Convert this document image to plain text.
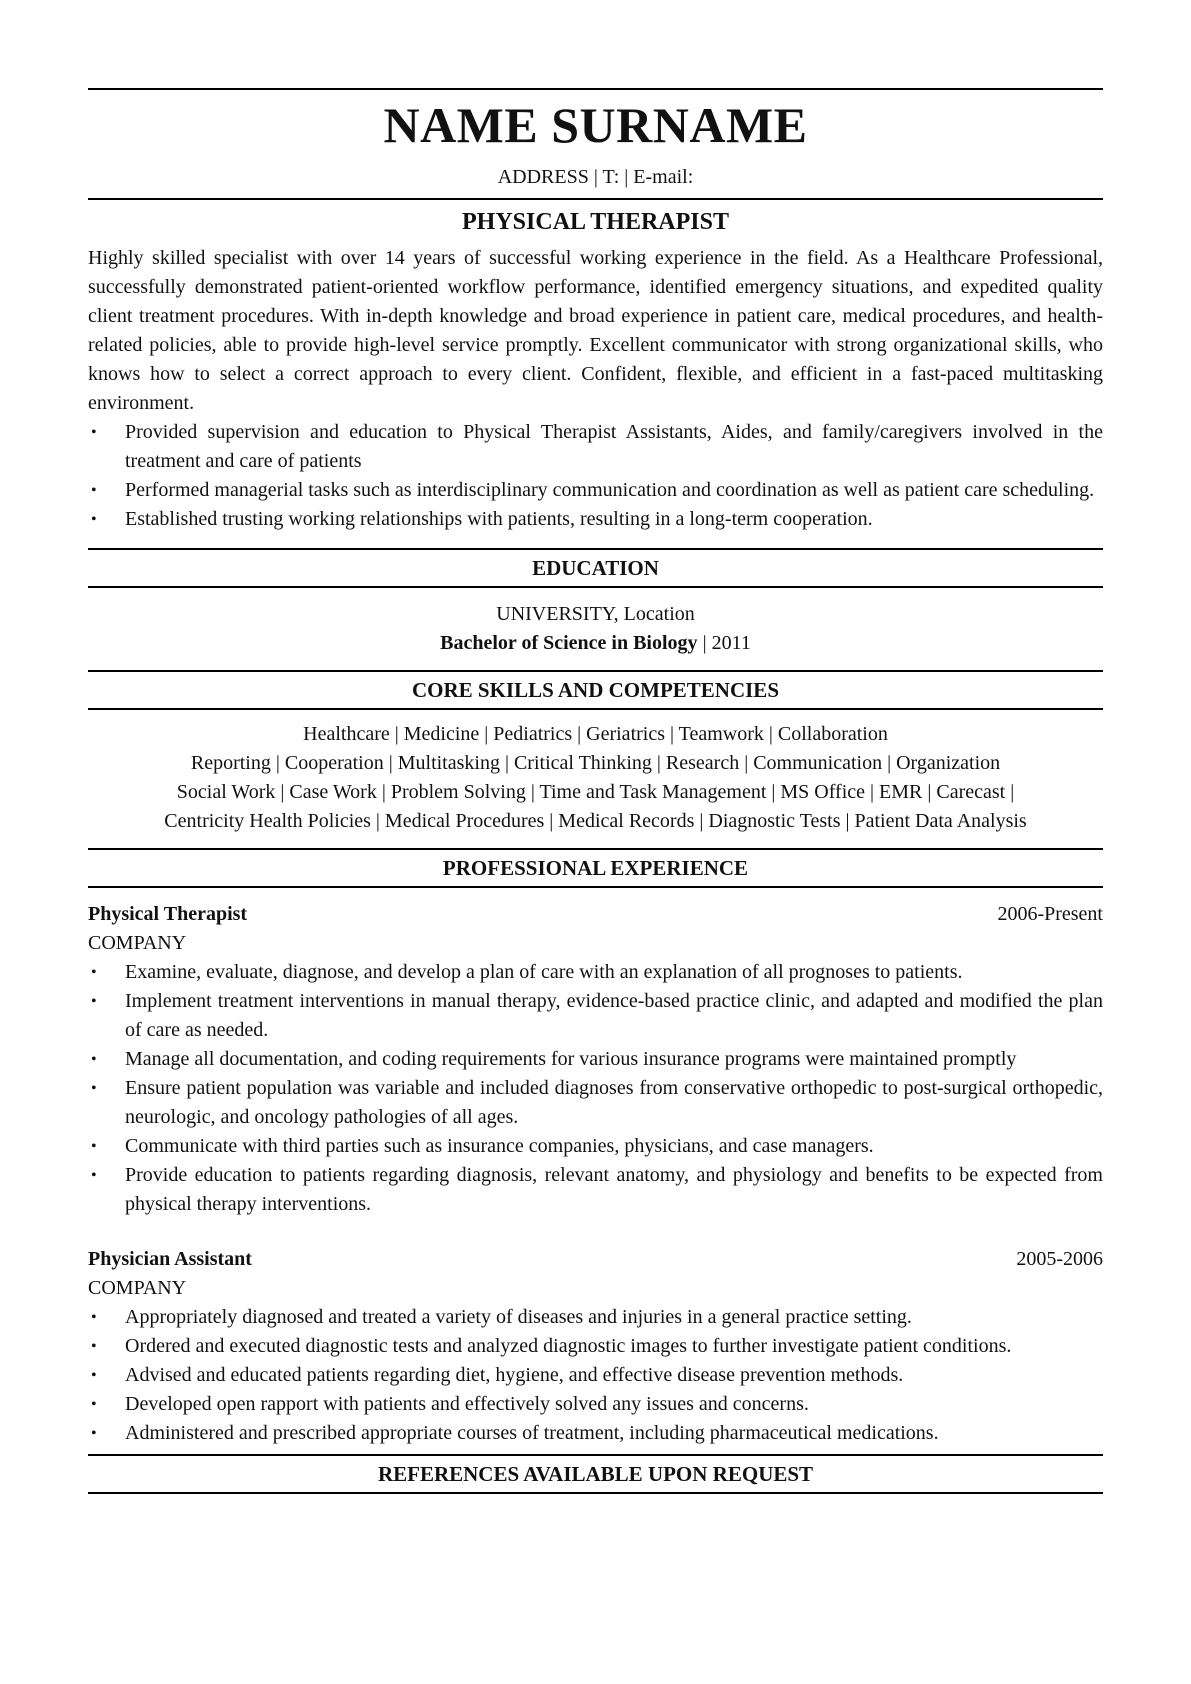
NAME SURNAME
ADDRESS | T: | E-mail:
PHYSICAL THERAPIST
Highly skilled specialist with over 14 years of successful working experience in the field. As a Healthcare Professional, successfully demonstrated patient-oriented workflow performance, identified emergency situations, and expedited quality client treatment procedures. With in-depth knowledge and broad experience in patient care, medical procedures, and health-related policies, able to provide high-level service promptly. Excellent communicator with strong organizational skills, who knows how to select a correct approach to every client. Confident, flexible, and efficient in a fast-paced multitasking environment.
• Provided supervision and education to Physical Therapist Assistants, Aides, and family/caregivers involved in the treatment and care of patients
• Performed managerial tasks such as interdisciplinary communication and coordination as well as patient care scheduling.
• Established trusting working relationships with patients, resulting in a long-term cooperation.
EDUCATION
UNIVERSITY, Location
Bachelor of Science in Biology | 2011
CORE SKILLS AND COMPETENCIES
Healthcare | Medicine | Pediatrics | Geriatrics | Teamwork | Collaboration
Reporting | Cooperation | Multitasking | Critical Thinking | Research | Communication | Organization
Social Work | Case Work | Problem Solving | Time and Task Management | MS Office | EMR | Carecast |
Centricity Health Policies | Medical Procedures | Medical Records | Diagnostic Tests | Patient Data Analysis
PROFESSIONAL EXPERIENCE
Physical Therapist	2006-Present
COMPANY
• Examine, evaluate, diagnose, and develop a plan of care with an explanation of all prognoses to patients.
• Implement treatment interventions in manual therapy, evidence-based practice clinic, and adapted and modified the plan of care as needed.
• Manage all documentation, and coding requirements for various insurance programs were maintained promptly
• Ensure patient population was variable and included diagnoses from conservative orthopedic to post-surgical orthopedic, neurologic, and oncology pathologies of all ages.
• Communicate with third parties such as insurance companies, physicians, and case managers.
• Provide education to patients regarding diagnosis, relevant anatomy, and physiology and benefits to be expected from physical therapy interventions.
Physician Assistant	2005-2006
COMPANY
• Appropriately diagnosed and treated a variety of diseases and injuries in a general practice setting.
• Ordered and executed diagnostic tests and analyzed diagnostic images to further investigate patient conditions.
• Advised and educated patients regarding diet, hygiene, and effective disease prevention methods.
• Developed open rapport with patients and effectively solved any issues and concerns.
• Administered and prescribed appropriate courses of treatment, including pharmaceutical medications.
REFERENCES AVAILABLE UPON REQUEST
